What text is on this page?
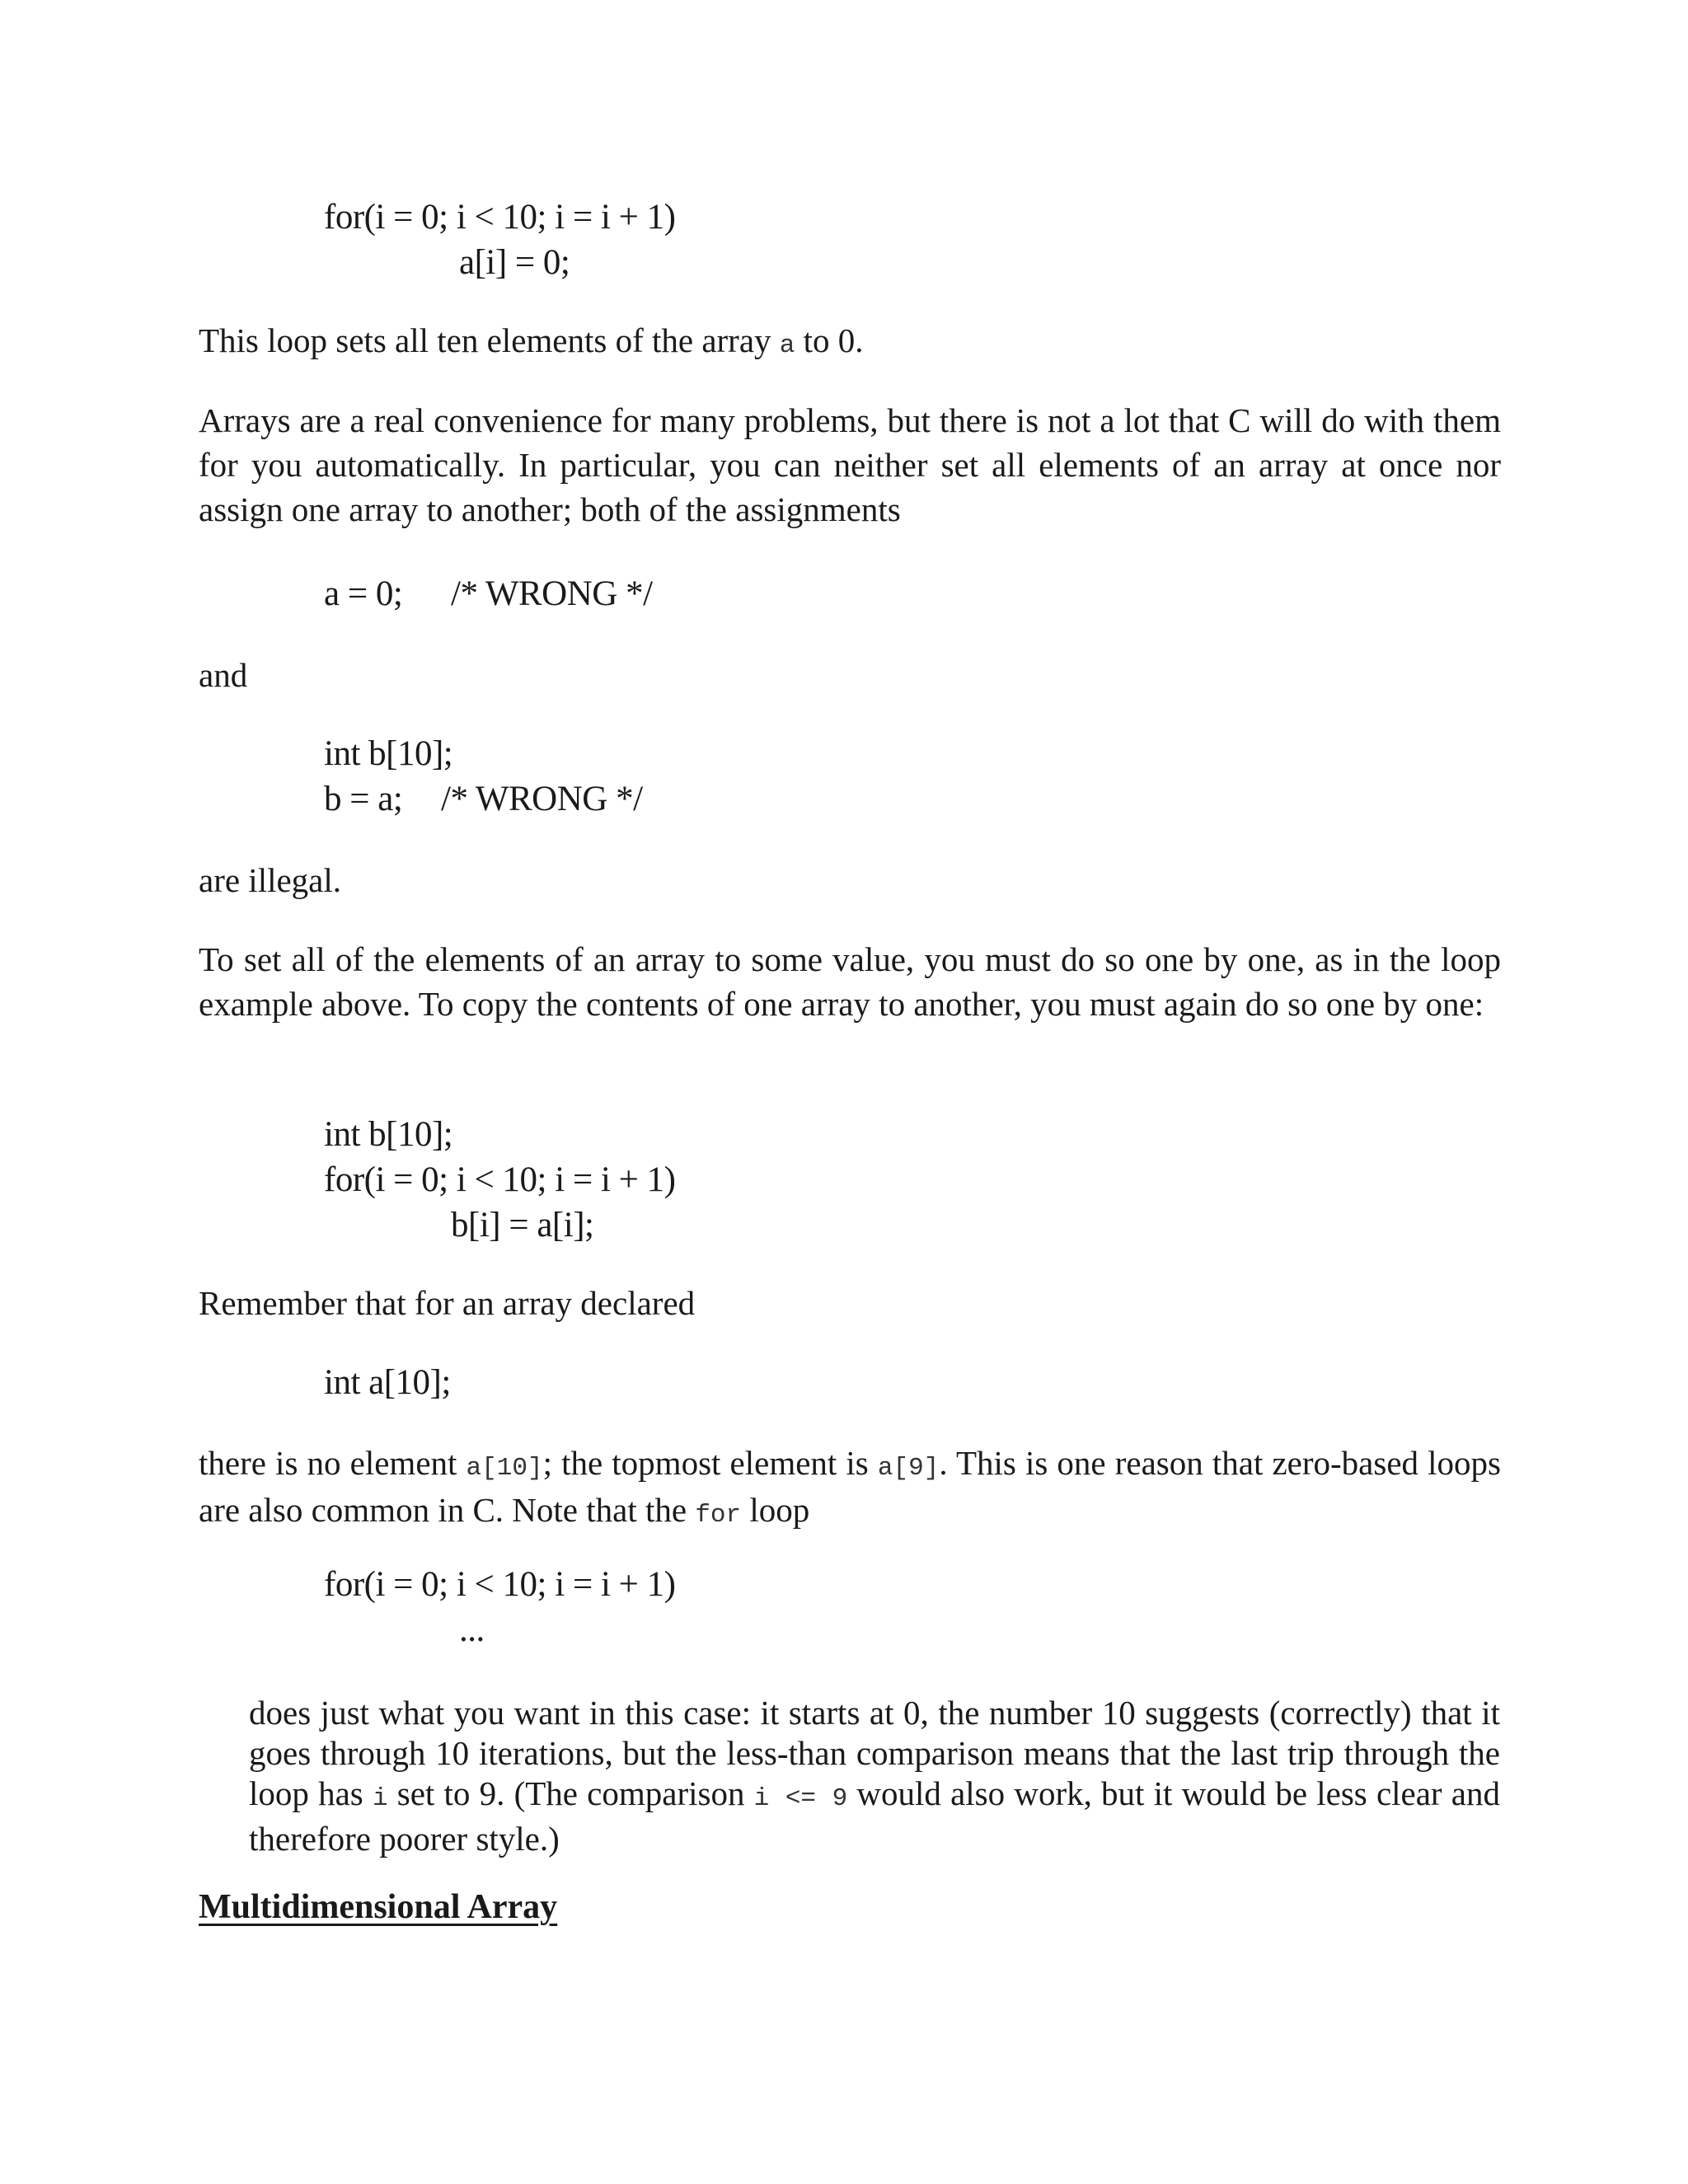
for(i = 0; i < 10; i = i + 1)
a[i] = 0;
This loop sets all ten elements of the array a to 0.
Arrays are a real convenience for many problems, but there is not a lot that C will do with them for you automatically. In particular, you can neither set all elements of an array at once nor assign one array to another; both of the assignments
a = 0; /* WRONG */
and
int b[10];
b = a; /* WRONG */
are illegal.
To set all of the elements of an array to some value, you must do so one by one, as in the loop example above. To copy the contents of one array to another, you must again do so one by one:
int b[10];
for(i = 0; i < 10; i = i + 1)
b[i] = a[i];
Remember that for an array declared
int a[10];
there is no element a[10]; the topmost element is a[9]. This is one reason that zero-based loops are also common in C. Note that the for loop
for(i = 0; i < 10; i = i + 1)
...
does just what you want in this case: it starts at 0, the number 10 suggests (correctly) that it goes through 10 iterations, but the less-than comparison means that the last trip through the loop has i set to 9. (The comparison i <= 9 would also work, but it would be less clear and therefore poorer style.)
Multidimensional Array
